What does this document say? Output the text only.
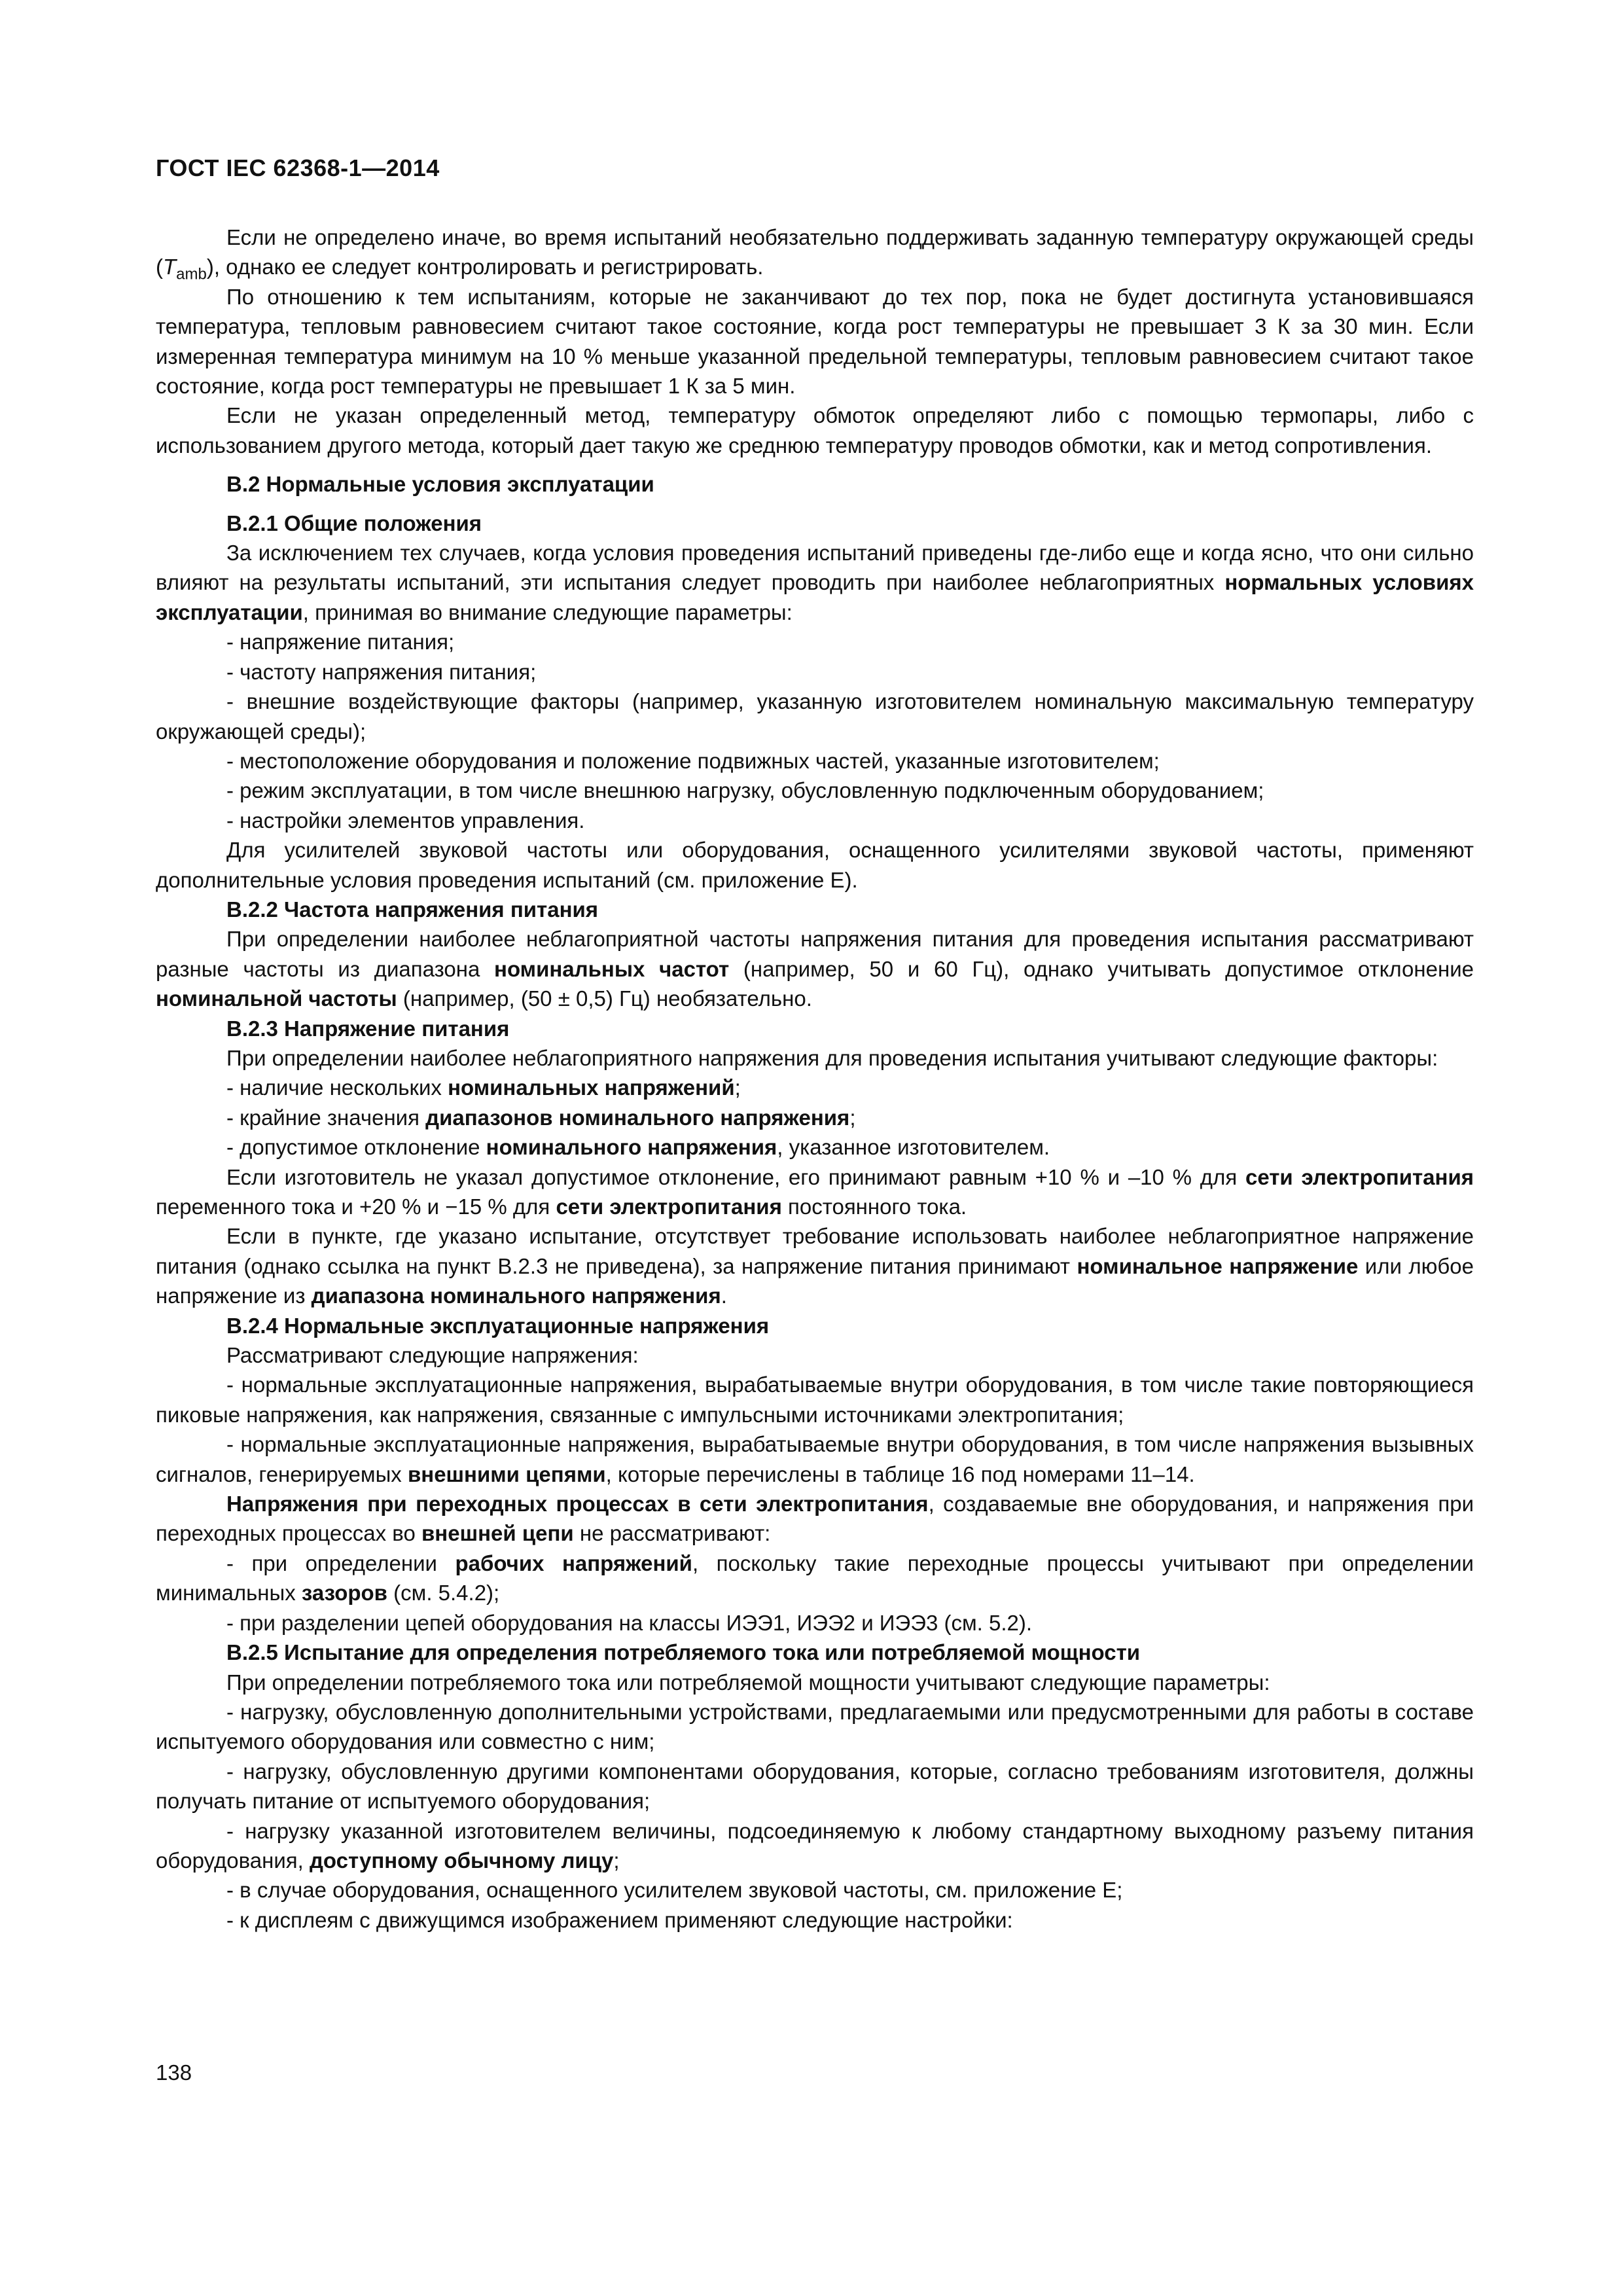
ГОСТ IEC 62368-1—2014

Если не определено иначе, во время испытаний необязательно поддерживать заданную температуру окружающей среды $(T_{amb})$, однако ее следует контролировать и регистрировать.

По отношению к тем испытаниям, которые не заканчивают до тех пор, пока не будет достигнута установившаяся температура, тепловым равновесием считают такое состояние, когда рост температуры не превышает 3 К за 30 мин. Если измеренная температура минимум на 10 % меньше указанной предельной температуры, тепловым равновесием считают такое состояние, когда рост температуры не превышает 1 К за 5 мин.

Если не указан определенный метод, температуру обмоток определяют либо с помощью термопары, либо с использованием другого метода, который дает такую же среднюю температуру проводов обмотки, как и метод сопротивления.

B.2 Нормальные условия эксплуатации

B.2.1 Общие положения

За исключением тех случаев, когда условия проведения испытаний приведены где-либо еще и когда ясно, что они сильно влияют на результаты испытаний, эти испытания следует проводить при наиболее неблагоприятных нормальных условиях эксплуатации, принимая во внимание следующие параметры:

- напряжение питания;

- частоту напряжения питания;

- внешние воздействующие факторы (например, указанную изготовителем номинальную максимальную температуру окружающей среды);

- местоположение оборудования и положение подвижных частей, указанные изготовителем;

- режим эксплуатации, в том числе внешнюю нагрузку, обусловленную подключенным оборудованием;

- настройки элементов управления.

Для усилителей звуковой частоты или оборудования, оснащенного усилителями звуковой частоты, применяют дополнительные условия проведения испытаний (см. приложение Е).

B.2.2 Частота напряжения питания

При определении наиболее неблагоприятной частоты напряжения питания для проведения испытания рассматривают разные частоты из диапазона номинальных частот (например, 50 и 60 Гц), однако учитывать допустимое отклонение номинальной частоты (например, (50 ± 0,5) Гц) необязательно.

B.2.3 Напряжение питания

При определении наиболее неблагоприятного напряжения для проведения испытания учитывают следующие факторы:

- наличие нескольких номинальных напряжений;

- крайние значения диапазонов номинального напряжения;

- допустимое отклонение номинального напряжения, указанное изготовителем.

Если изготовитель не указал допустимое отклонение, его принимают равным +10 % и –10 % для сети электропитания переменного тока и +20 % и −15 % для сети электропитания постоянного тока.

Если в пункте, где указано испытание, отсутствует требование использовать наиболее неблагоприятное напряжение питания (однако ссылка на пункт B.2.3 не приведена), за напряжение питания принимают номинальное напряжение или любое напряжение из диапазона номинального напряжения.

B.2.4 Нормальные эксплуатационные напряжения

Рассматривают следующие напряжения:

- нормальные эксплуатационные напряжения, вырабатываемые внутри оборудования, в том числе такие повторяющиеся пиковые напряжения, как напряжения, связанные с импульсными источниками электропитания;

- нормальные эксплуатационные напряжения, вырабатываемые внутри оборудования, в том числе напряжения вызывных сигналов, генерируемых внешними цепями, которые перечислены в таблице 16 под номерами 11–14.

Напряжения при переходных процессах в сети электропитания, создаваемые вне оборудования, и напряжения при переходных процессах во внешней цепи не рассматривают:

- при определении рабочих напряжений, поскольку такие переходные процессы учитывают при определении минимальных зазоров (см. 5.4.2);

- при разделении цепей оборудования на классы ИЭЭ1, ИЭЭ2 и ИЭЭ3 (см. 5.2).

B.2.5 Испытание для определения потребляемого тока или потребляемой мощности

При определении потребляемого тока или потребляемой мощности учитывают следующие параметры:

- нагрузку, обусловленную дополнительными устройствами, предлагаемыми или предусмотренными для работы в составе испытуемого оборудования или совместно с ним;

- нагрузку, обусловленную другими компонентами оборудования, которые, согласно требованиям изготовителя, должны получать питание от испытуемого оборудования;

- нагрузку указанной изготовителем величины, подсоединяемую к любому стандартному выходному разъему питания оборудования, доступному обычному лицу;

- в случае оборудования, оснащенного усилителем звуковой частоты, см. приложение Е;

- к дисплеям с движущимся изображением применяют следующие настройки:

138
